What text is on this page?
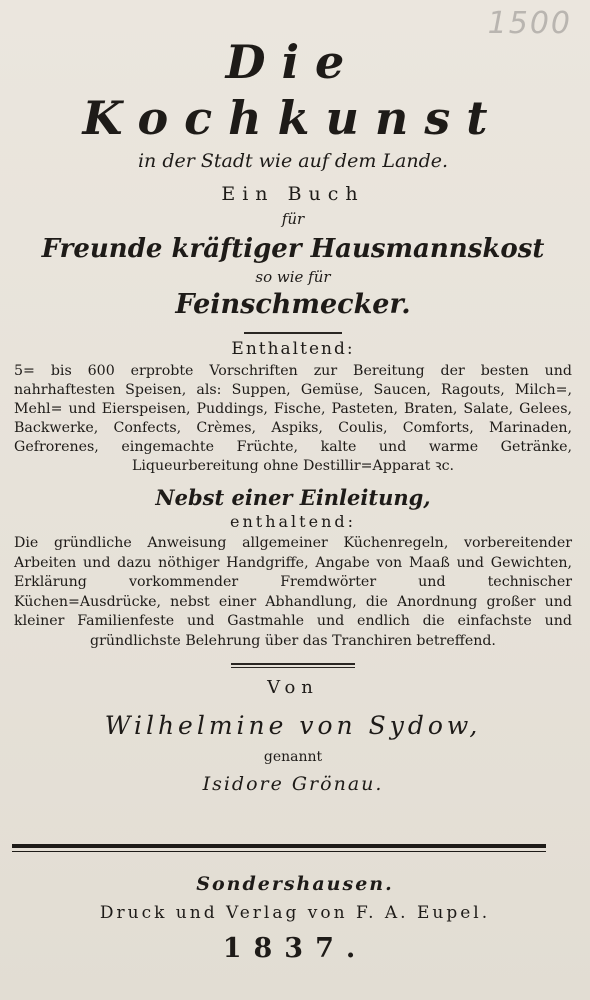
1500
Die Kochkunst

in der Stadt wie auf dem Lande.

Ein Buch

für

Freunde kräftiger Hausmannskost

so wie für

Feinschmecker.

Enthaltend:

5= bis 600 erprobte Vorschriften zur Bereitung der besten und nahrhaftesten Speisen, als: Suppen, Gemüse, Saucen, Ragouts, Milch=, Mehl= und Eierspeisen, Puddings, Fische, Pasteten, Braten, Salate, Gelees, Backwerke, Confects, Crèmes, Aspiks, Coulis, Comforts, Marinaden, Gefrorenes, eingemachte Früchte, kalte und warme Getränke, Liqueurbereitung ohne Destillir=Apparat ꝛc.

Nebst einer Einleitung,

enthaltend:

Die gründliche Anweisung allgemeiner Küchenregeln, vorbereitender Arbeiten und dazu nöthiger Handgriffe, Angabe von Maaß und Gewichten, Erklärung vorkommender Fremdwörter und technischer Küchen=Ausdrücke, nebst einer Abhandlung, die Anordnung großer und kleiner Familienfeste und Gastmahle und endlich die einfachste und gründlichste Belehrung über das Tranchiren betreffend.

Von

Wilhelmine von Sydow,

genannt

Isidore Grönau.

Sondershausen.
Druck und Verlag von F. A. Eupel.
1837.
